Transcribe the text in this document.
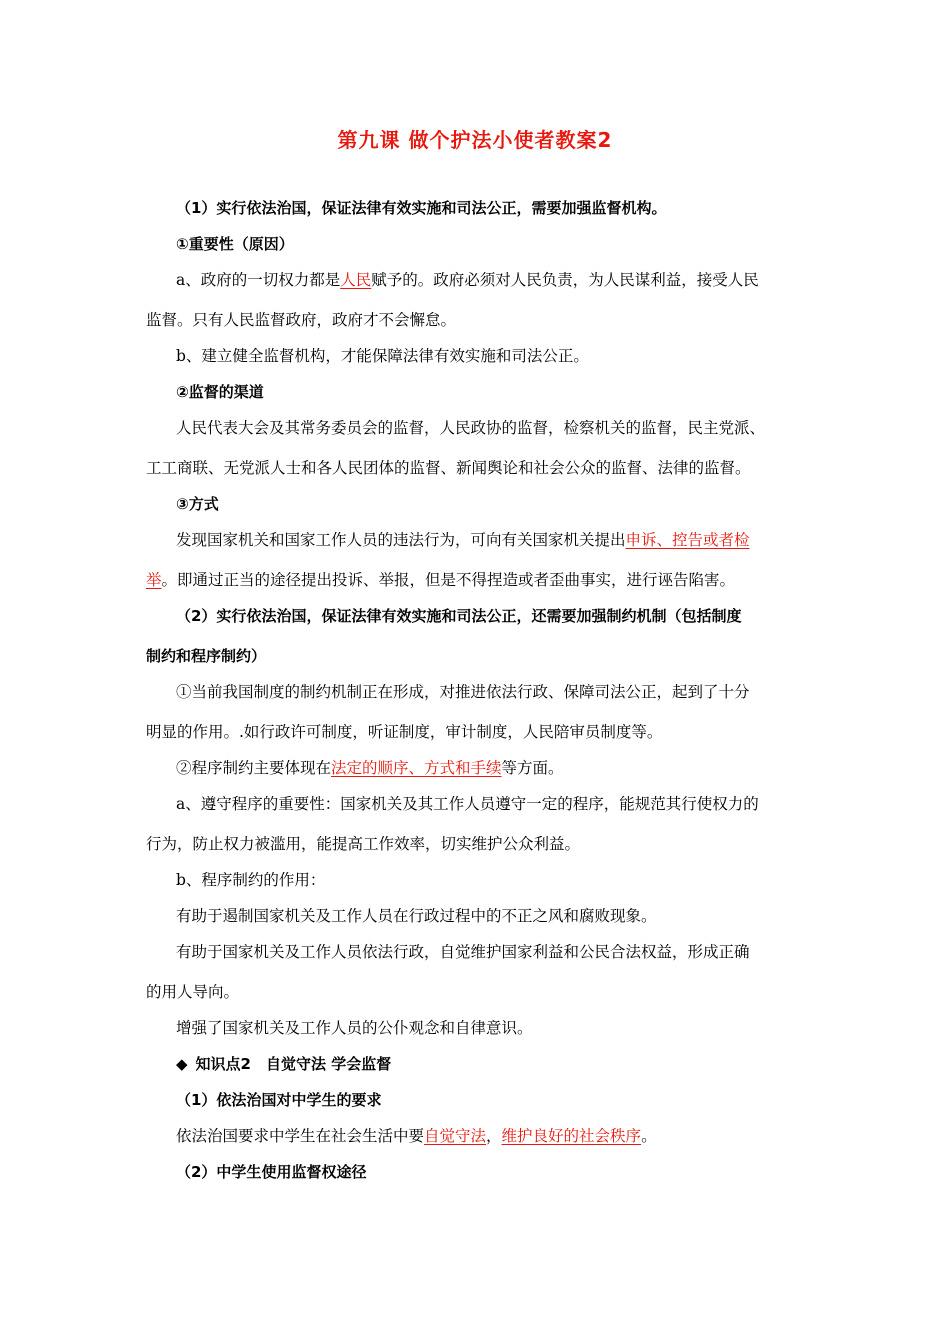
第九课 做个护法小使者教案2
（1）实行依法治国，保证法律有效实施和司法公正，需要加强监督机构。
①重要性（原因）
a、政府的一切权力都是人民赋予的。政府必须对人民负责，为人民谋利益，接受人民
监督。只有人民监督政府，政府才不会懈怠。
b、建立健全监督机构，才能保障法律有效实施和司法公正。
②监督的渠道
人民代表大会及其常务委员会的监督，人民政协的监督，检察机关的监督，民主党派、
工工商联、无党派人士和各人民团体的监督、新闻舆论和社会公众的监督、法律的监督。
③方式
发现国家机关和国家工作人员的违法行为，可向有关国家机关提出申诉、控告或者检
举。即通过正当的途径提出投诉、举报，但是不得捏造或者歪曲事实，进行诬告陷害。
（2）实行依法治国，保证法律有效实施和司法公正，还需要加强制约机制（包括制度
制约和程序制约）
①当前我国制度的制约机制正在形成，对推进依法行政、保障司法公正，起到了十分
明显的作用。.如行政许可制度，听证制度，审计制度，人民陪审员制度等。
②程序制约主要体现在法定的顺序、方式和手续等方面。
a、遵守程序的重要性：国家机关及其工作人员遵守一定的程序，能规范其行使权力的
行为，防止权力被滥用，能提高工作效率，切实维护公众利益。
b、程序制约的作用：
有助于遏制国家机关及工作人员在行政过程中的不正之风和腐败现象。
有助于国家机关及工作人员依法行政，自觉维护国家利益和公民合法权益，形成正确
的用人导向。
增强了国家机关及工作人员的公仆观念和自律意识。
◆ 知识点2　自觉守法 学会监督
（1）依法治国对中学生的要求
依法治国要求中学生在社会生活中要自觉守法，维护良好的社会秩序。
（2）中学生使用监督权途径
